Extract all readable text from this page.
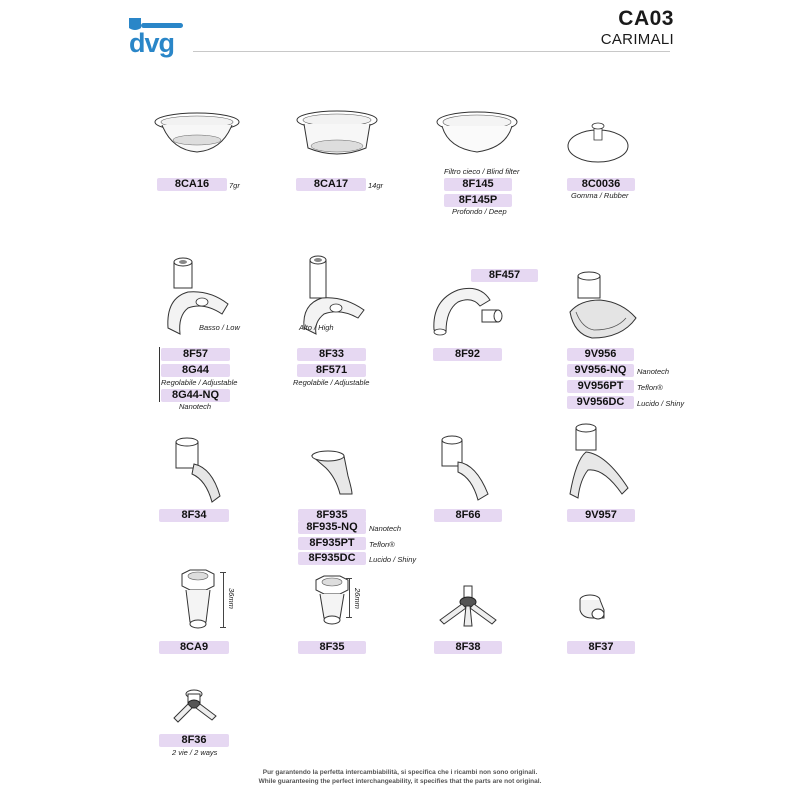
dvg
CA03
CARIMALI
8CA16	7gr	8CA17	14gr
Filtro cieco / Blind filter
8F145
8F145P
Profondo / Deep
8C0036
Gomma / Rubber
Basso / Low
8F57
8G44
Regolabile / Adjustable
8G44-NQ
Nanotech
Alto / High
8F33
8F571
Regolabile / Adjustable
8F457
8F92	9V956
9V956-NQ	Nanotech
9V956PT	Teflon®
9V956DC	Lucido / Shiny
8F34	8F935
8F935-NQ	Nanotech
8F935PT	Teflon®
8F935DC	Lucido / Shiny
8F66	9V957
36mm	26mm
8CA9	8F35	8F38	8F37
8F36
2 vie / 2 ways
Pur garantendo la perfetta intercambiabilità, si specifica che i ricambi non sono originali.
While guaranteeing the perfect interchangeability, it specifies that the parts are not original.
